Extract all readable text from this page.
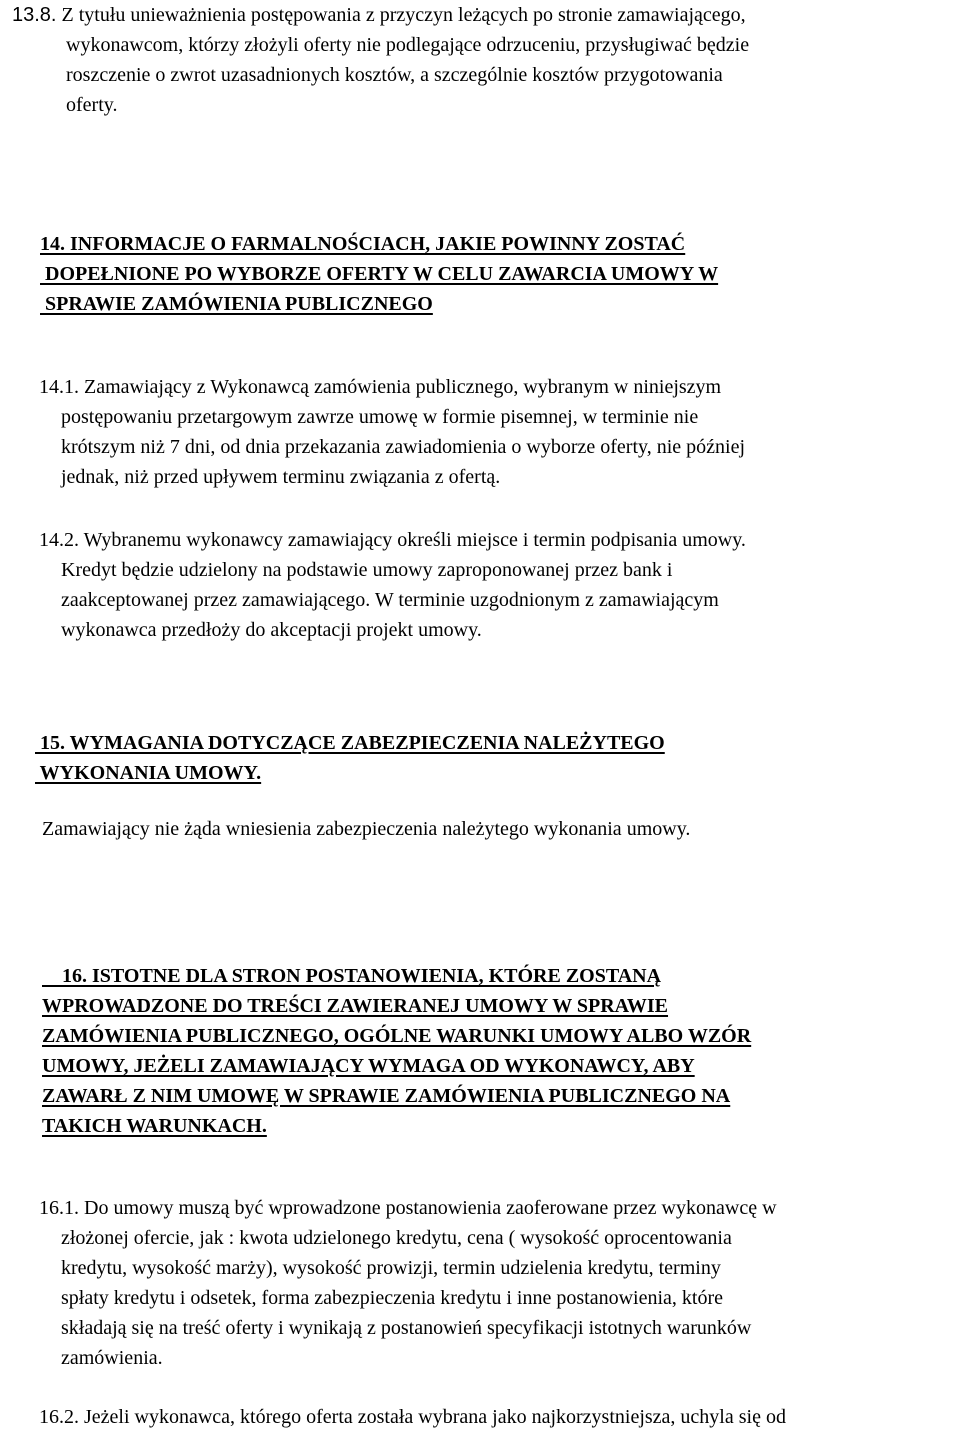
13.8. Z tytułu unieważnienia postępowania z przyczyn leżących po stronie zamawiającego,
wykonawcom, którzy złożyli oferty nie podlegające odrzuceniu, przysługiwać będzie
roszczenie o zwrot uzasadnionych kosztów, a szczególnie kosztów przygotowania
oferty.
14. INFORMACJE O FARMALNOŚCIACH, JAKIE POWINNY ZOSTAĆ
DOPEŁNIONE PO WYBORZE OFERTY W CELU ZAWARCIA UMOWY W
SPRAWIE ZAMÓWIENIA PUBLICZNEGO
14.1. Zamawiający z Wykonawcą zamówienia publicznego, wybranym w niniejszym
postępowaniu przetargowym zawrze umowę w formie pisemnej, w terminie nie
krótszym niż 7 dni, od dnia przekazania zawiadomienia o wyborze oferty, nie później
jednak, niż przed upływem terminu związania z ofertą.
14.2. Wybranemu wykonawcy zamawiający określi miejsce i termin podpisania umowy.
Kredyt będzie udzielony na podstawie umowy zaproponowanej przez bank i
zaakceptowanej przez zamawiającego. W terminie uzgodnionym z zamawiającym
wykonawca przedłoży do akceptacji projekt umowy.
15. WYMAGANIA DOTYCZĄCE ZABEZPIECZENIA NALEŻYTEGO
WYKONANIA UMOWY.
Zamawiający nie żąda wniesienia zabezpieczenia należytego wykonania umowy.
16. ISTOTNE DLA STRON POSTANOWIENIA, KTÓRE ZOSTANĄ
WPROWADZONE DO TREŚCI ZAWIERANEJ UMOWY W SPRAWIE
ZAMÓWIENIA PUBLICZNEGO, OGÓLNE WARUNKI UMOWY ALBO WZÓR
UMOWY, JEŻELI ZAMAWIAJĄCY WYMAGA OD WYKONAWCY, ABY
ZAWARŁ Z NIM UMOWĘ W SPRAWIE ZAMÓWIENIA PUBLICZNEGO NA
TAKICH WARUNKACH.
16.1. Do umowy muszą być wprowadzone postanowienia zaoferowane przez wykonawcę w
złożonej ofercie, jak : kwota udzielonego kredytu, cena ( wysokość oprocentowania
kredytu, wysokość marży), wysokość prowizji, termin udzielenia kredytu, terminy
spłaty kredytu i odsetek, forma zabezpieczenia kredytu i inne postanowienia, które
składają się na treść oferty i wynikają z postanowień specyfikacji istotnych warunków
zamówienia.
16.2. Jeżeli wykonawca, którego oferta została wybrana jako najkorzystniejsza, uchyla się od
